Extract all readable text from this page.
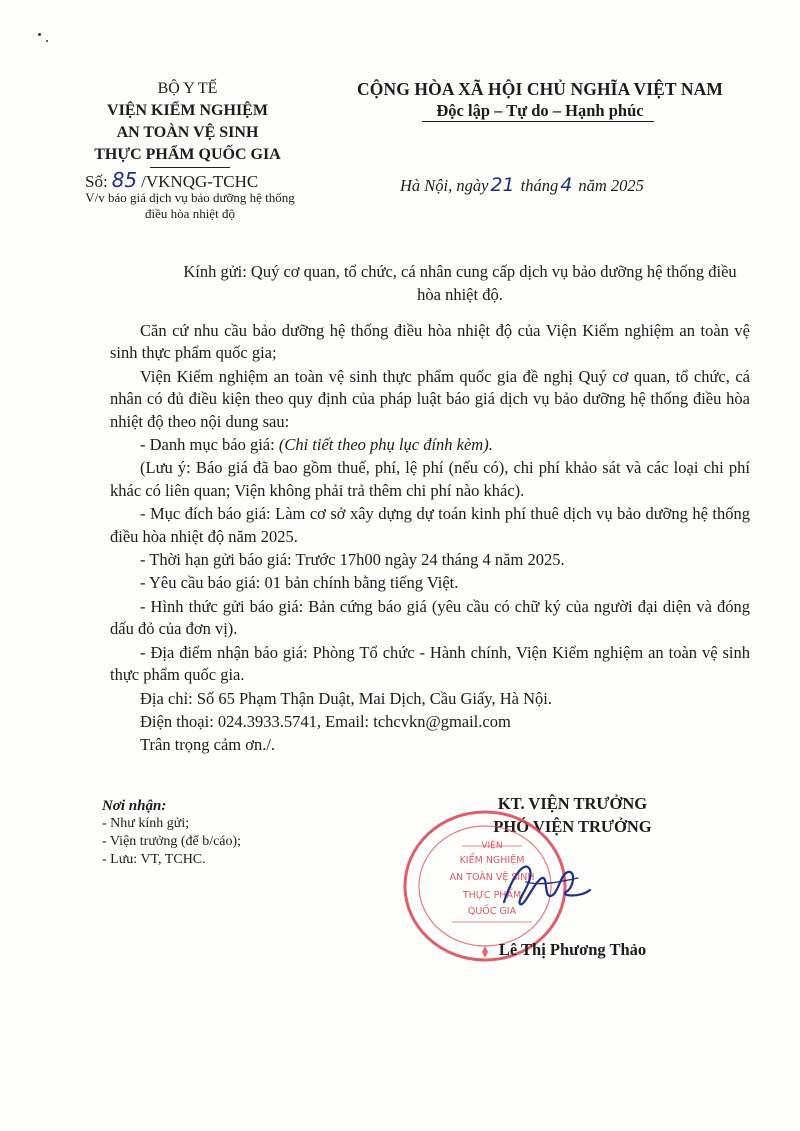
BỘ Y TẾ
VIỆN KIỂM NGHIỆM
AN TOÀN VỆ SINH
THỰC PHẨM QUỐC GIA
Số: 85 /VKNQG-TCHC
V/v báo giá dịch vụ bảo dưỡng hệ thống
điều hòa nhiệt độ
CỘNG HÒA XÃ HỘI CHỦ NGHĨA VIỆT NAM
Độc lập – Tự do – Hạnh phúc
Hà Nội, ngày 21 tháng 4 năm 2025
Kính gửi: Quý cơ quan, tổ chức, cá nhân cung cấp dịch vụ bảo dưỡng hệ thống điều
hòa nhiệt độ.

Căn cứ nhu cầu bảo dưỡng hệ thống điều hòa nhiệt độ của Viện Kiểm nghiệm an toàn vệ sinh thực phẩm quốc gia;

Viện Kiểm nghiệm an toàn vệ sinh thực phẩm quốc gia đề nghị Quý cơ quan, tổ chức, cá nhân có đủ điều kiện theo quy định của pháp luật báo giá dịch vụ bảo dưỡng hệ thống điều hòa nhiệt độ theo nội dung sau:

- Danh mục báo giá: (Chi tiết theo phụ lục đính kèm).

(Lưu ý: Báo giá đã bao gồm thuế, phí, lệ phí (nếu có), chi phí khảo sát và các loại chi phí khác có liên quan; Viện không phải trả thêm chi phí nào khác).

- Mục đích báo giá: Làm cơ sở xây dựng dự toán kinh phí thuê dịch vụ bảo dưỡng hệ thống điều hòa nhiệt độ năm 2025.

- Thời hạn gửi báo giá: Trước 17h00 ngày 24 tháng 4 năm 2025.

- Yêu cầu báo giá: 01 bản chính bằng tiếng Việt.

- Hình thức gửi báo giá: Bản cứng báo giá (yêu cầu có chữ ký của người đại diện và đóng dấu đỏ của đơn vị).

- Địa điểm nhận báo giá: Phòng Tổ chức - Hành chính, Viện Kiểm nghiệm an toàn vệ sinh thực phẩm quốc gia.

Địa chỉ: Số 65 Phạm Thận Duật, Mai Dịch, Cầu Giấy, Hà Nội.

Điện thoại: 024.3933.5741, Email: tchcvkn@gmail.com

Trân trọng cảm ơn./.

Nơi nhận:
- Như kính gửi;
- Viện trưởng (để b/cáo);
- Lưu: VT, TCHC.
KT. VIỆN TRƯỞNG
PHÓ VIỆN TRƯỞNG
VIỆN
KIỂM NGHIỆM
AN TOÀN VỆ SINH
THỰC PHẨM
QUỐC GIA
Lê Thị Phương Thảo
